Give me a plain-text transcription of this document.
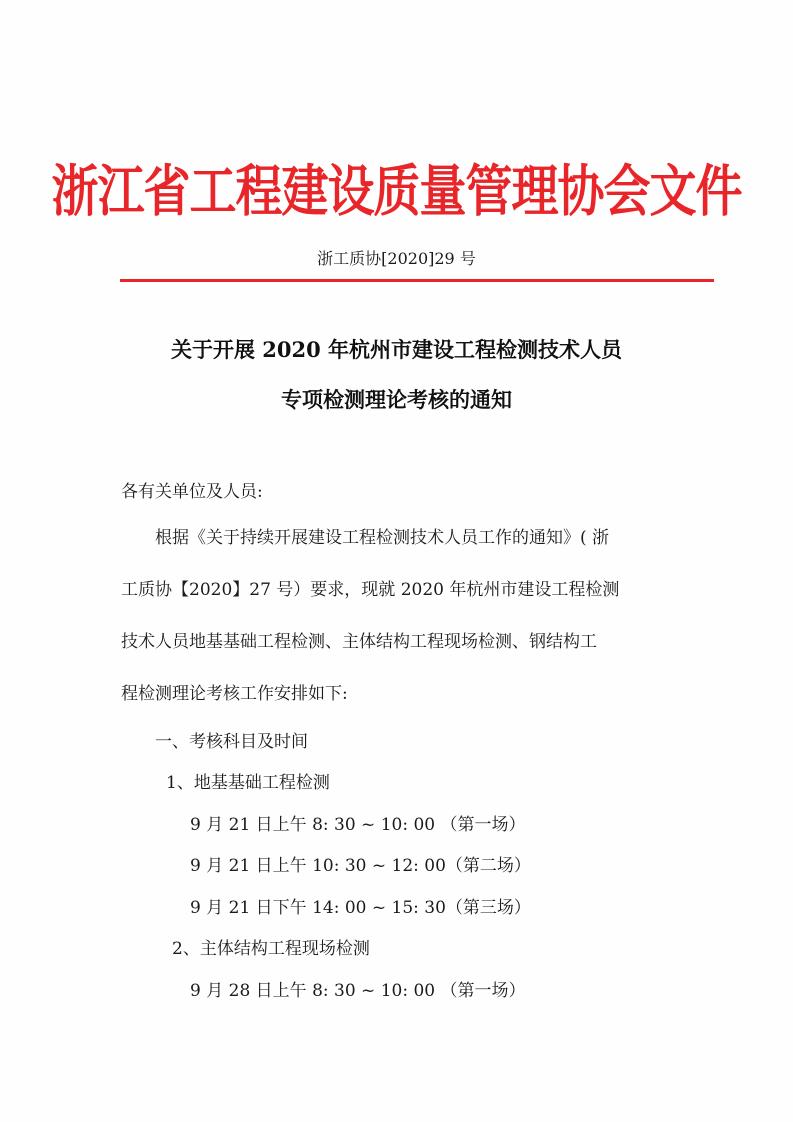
浙江省工程建设质量管理协会文件
浙工质协[2020]29 号
关于开展 2020 年杭州市建设工程检测技术人员
专项检测理论考核的通知
各有关单位及人员:
根据《关于持续开展建设工程检测技术人员工作的通知》( 浙
工质协【2020】27 号）要求，现就 2020 年杭州市建设工程检测
技术人员地基基础工程检测、主体结构工程现场检测、钢结构工
程检测理论考核工作安排如下:
一、考核科目及时间
1、地基基础工程检测
9 月 21 日上午 8: 30 ~ 10: 00 （第一场）
9 月 21 日上午 10: 30 ~ 12: 00（第二场）
9 月 21 日下午 14: 00 ~ 15: 30（第三场）
2、主体结构工程现场检测
9 月 28 日上午 8: 30 ~ 10: 00 （第一场）
